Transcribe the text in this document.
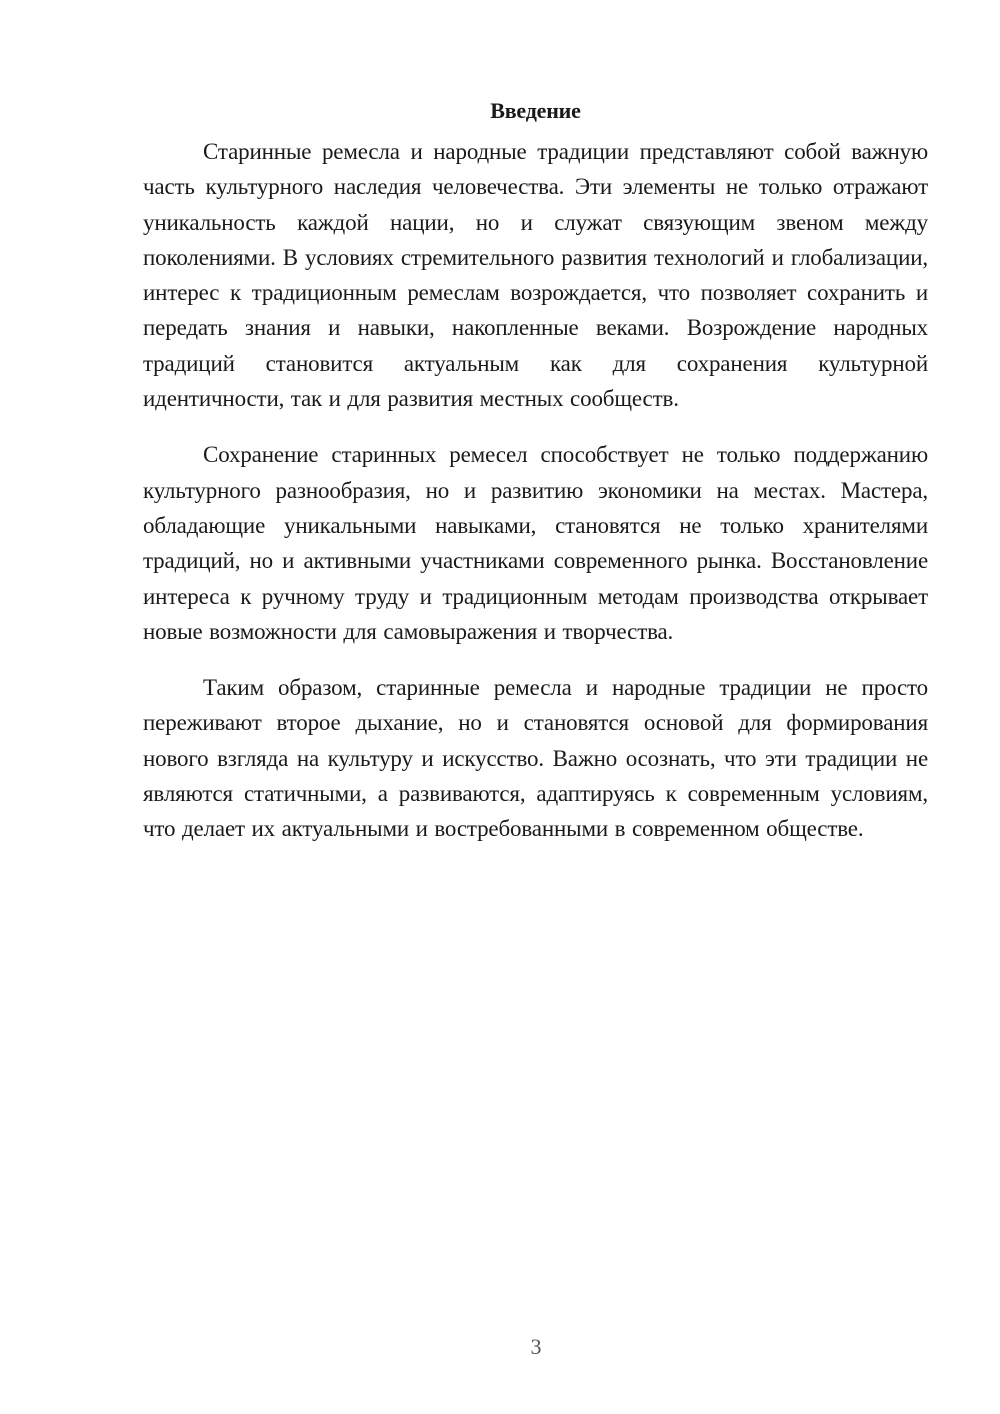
Введение

Старинные ремесла и народные традиции представляют собой важную часть культурного наследия человечества. Эти элементы не только отражают уникальность каждой нации, но и служат связующим звеном между поколениями. В условиях стремительного развития технологий и глобализации, интерес к традиционным ремеслам возрождается, что позволяет сохранить и передать знания и навыки, накопленные веками. Возрождение народных традиций становится актуальным как для сохранения культурной идентичности, так и для развития местных сообществ.

Сохранение старинных ремесел способствует не только поддержанию культурного разнообразия, но и развитию экономики на местах. Мастера, обладающие уникальными навыками, становятся не только хранителями традиций, но и активными участниками современного рынка. Восстановление интереса к ручному труду и традиционным методам производства открывает новые возможности для самовыражения и творчества.

Таким образом, старинные ремесла и народные традиции не просто переживают второе дыхание, но и становятся основой для формирования нового взгляда на культуру и искусство. Важно осознать, что эти традиции не являются статичными, а развиваются, адаптируясь к современным условиям, что делает их актуальными и востребованными в современном обществе.

3
